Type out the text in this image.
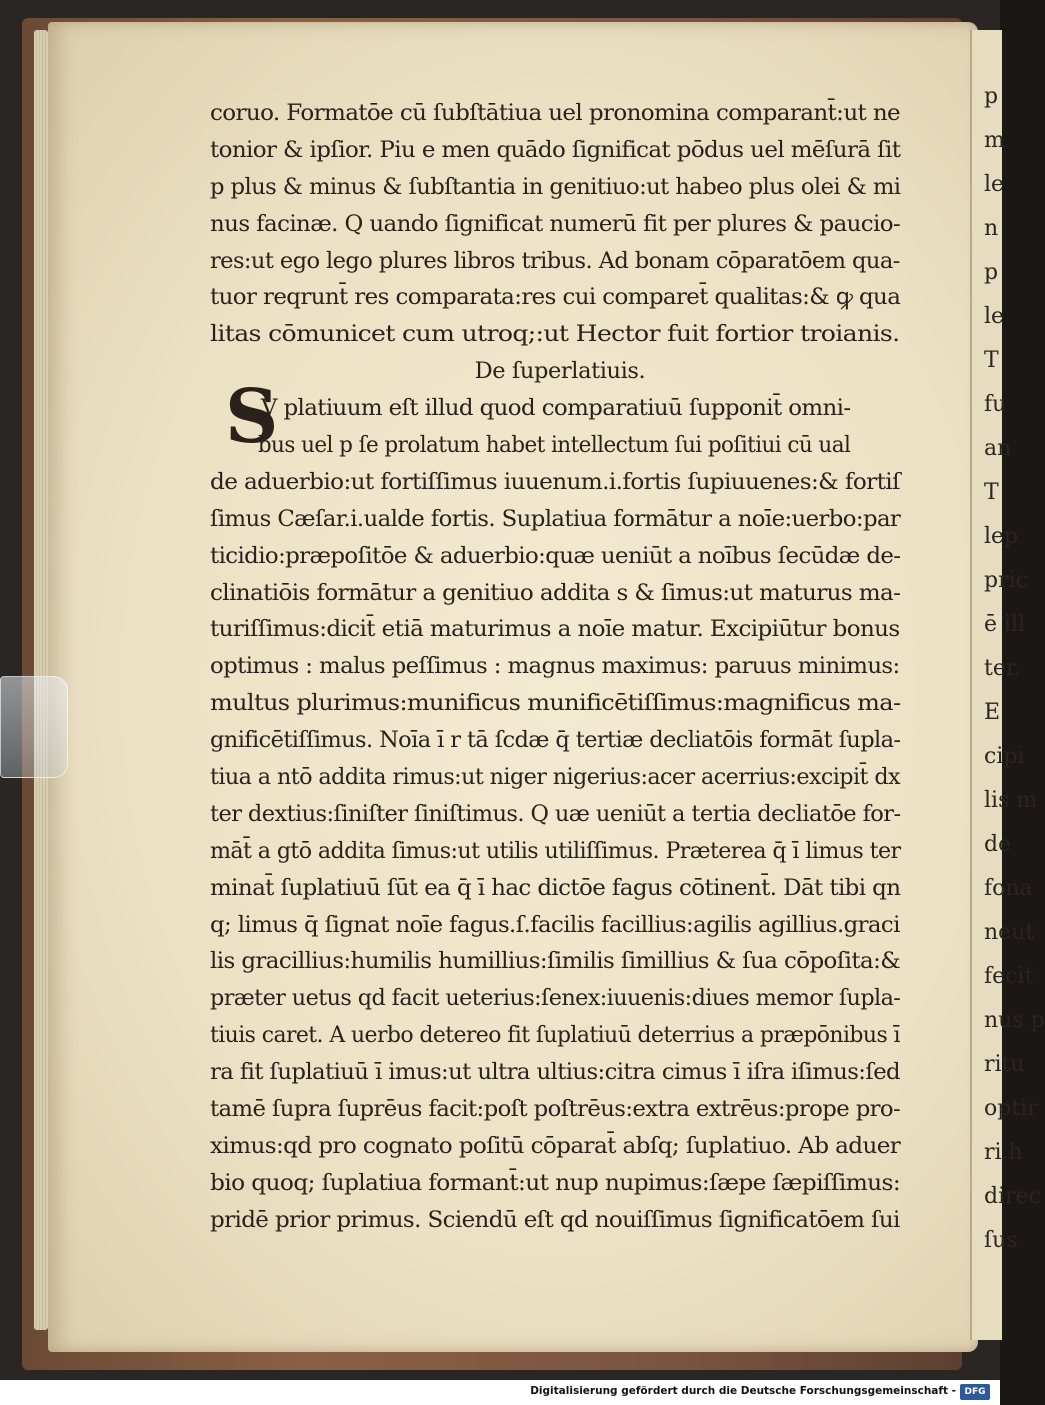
p
m
le
n
p
le
T
fu
an
T
lep
pric
ē ill
ter.
E
cipi
lis m
de
fona
neut
fecit
nus p
ritu
optir
ri.h
direc
ſus
coruo. Formatōe cū ſubſtātiua uel pronomina comparant̄:ut ne
tonior & ipſior. Piu e men quādo ſignificat pōdus uel mēſurā ſit
p plus & minus & ſubſtantia in genitiuo:ut habeo plus olei & mi
nus facinæ. Q uando ſignificat numerū fit per plures & paucio-
res:ut ego lego plures libros tribus. Ad bonam cōparatōem qua-
tuor reqrunt̄ res comparata:res cui comparet̄ qualitas:& ꝙ qua
litas cōmunicet cum utroq;:ut Hector fuit fortior troianis.
De ſuperlatiuis.
V platiuum eſt illud quod comparatiuū ſupponit̄ omni-
bus uel p ſe prolatum habet intellectum ſui poſitiui cū ual
de aduerbio:ut fortiſſimus iuuenum.i.fortis ſupiuuenes:& fortiſ
ſimus Cæſar.i.ualde fortis. Suplatiua formātur a noīe:uerbo:par
ticidio:præpoſitōe & aduerbio:quæ ueniūt a noībus ſecūdæ de-
clinatiōis formātur a genitiuo addita s & ſimus:ut maturus ma-
turiſſimus:dicit̄ etiā maturimus a noīe matur. Excipiūtur bonus
optimus : malus peſſimus : magnus maximus: paruus minimus:
multus plurimus:munificus munificētiſſimus:magnificus ma-
gnificētiſſimus. Noīa ī r tā ſcdæ q̄ tertiæ decliatōis formāt ſupla-
tiua a ntō addita rimus:ut niger nigerius:acer acerrius:excipit̄ dx
ter dextius:ſiniſter ſiniſtimus. Q uæ ueniūt a tertia decliatōe for-
māt̄ a gtō addita ſimus:ut utilis utiliſſimus. Præterea q̄ ī limus ter
minat̄ ſuplatiuū ſūt ea q̄ ī hac dictōe fagus cōtinent̄. Dāt tibi qn
q; limus q̄ ſignat noīe fagus.ſ.facilis facillius:agilis agillius.graci
lis gracillius:humilis humillius:ſimilis ſimillius & ſua cōpoſita:&
præter uetus qd facit ueterius:ſenex:iuuenis:diues memor ſupla-
tiuis caret. A uerbo detereo fit ſuplatiuū deterrius a præpōnibus ī
ra fit ſuplatiuū ī imus:ut ultra ultius:citra cimus ī iſra iſimus:ſed
tamē ſupra ſuprēus facit:poſt poſtrēus:extra extrēus:prope pro-
ximus:qd pro cognato poſitū cōparat̄ abſq; ſuplatiuo. Ab aduer
bio quoq; ſuplatiua formant̄:ut nup nupimus:ſæpe ſæpiſſimus:
pridē prior primus. Sciendū eſt qd nouiſſimus ſignificatōem ſui
S
Digitalisierung gefördert durch die Deutsche Forschungsgemeinschaft - DFG
